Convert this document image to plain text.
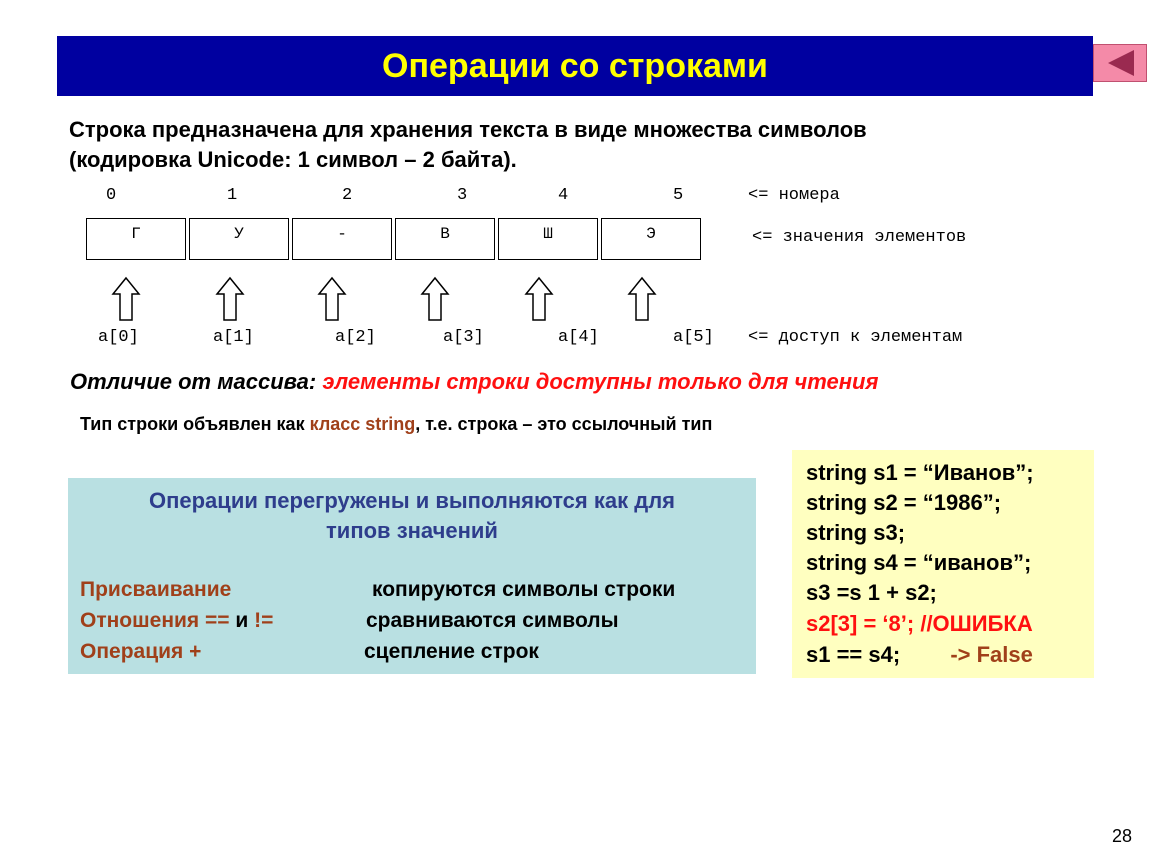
Операции со строками
Строка предназначена для хранения текста в виде множества символов
(кодировка Unicode: 1 символ – 2 байта).
0	1	2	3	4	5	<= номера
Г	У	-	В	Ш	Э	<= значения элементов
a[0]	a[1]	a[2]	a[3]	a[4]	a[5] <= доступ к элементам
Отличие от массива: элементы строки доступны только для чтения
Тип строки объявлен как класс string, т.е. строка – это ссылочный тип
Операции перегружены и выполняются как для
типов значений
Присваивание	копируются символы строки
Отношения == и !=	сравниваются символы
Операция +	сцепление строк
string s1 = “Иванов”;
string s2 = “1986”;
string s3;
string s4 = “иванов”;
s3 =s 1 + s2;
s2[3] = ‘8’; //ОШИБКА
s1 == s4; -> False
28
